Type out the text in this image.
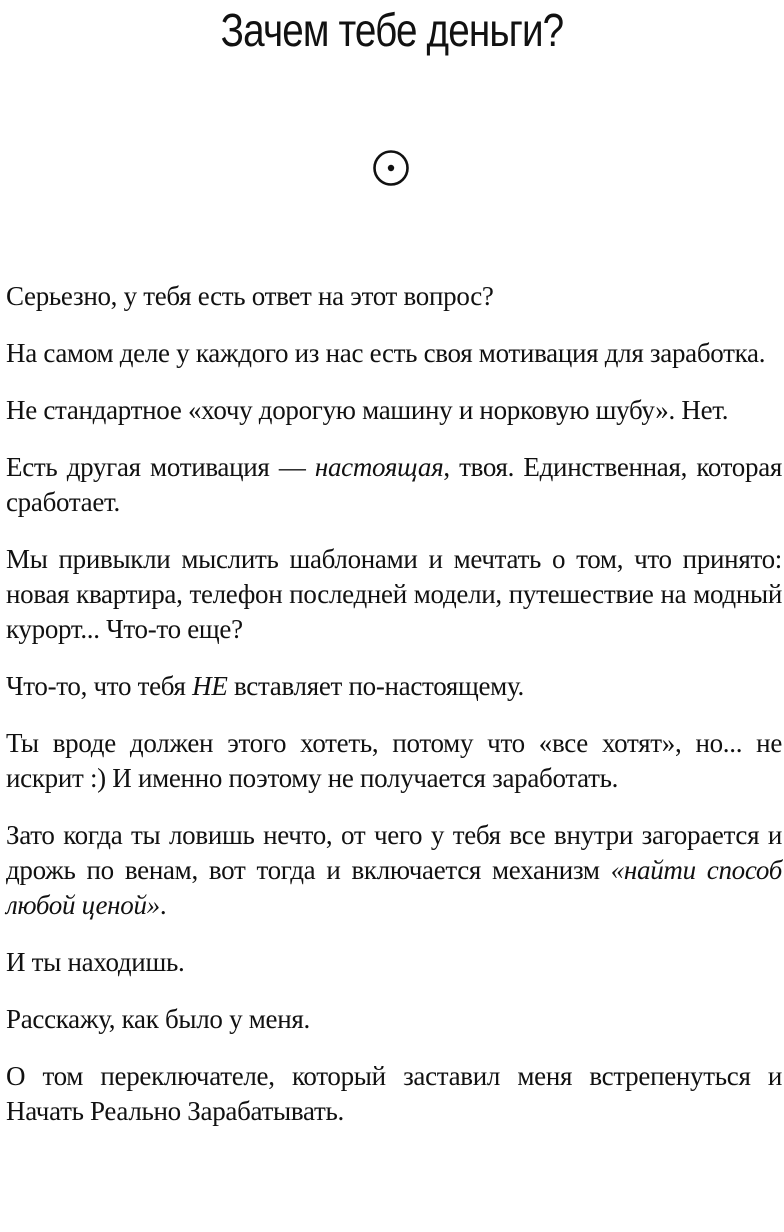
Зачем тебе деньги?

Серьезно, у тебя есть ответ на этот вопрос?

На самом деле у каждого из нас есть своя мотивация для заработка.

Не стандартное «хочу дорогую машину и норковую шубу». Нет.

Есть другая мотивация — настоящая, твоя. Единственная, которая сработает.

Мы привыкли мыслить шаблонами и мечтать о том, что принято: новая квартира, телефон последней модели, путешествие на модный курорт... Что-то еще?

Что-то, что тебя НЕ вставляет по-настоящему.

Ты вроде должен этого хотеть, потому что «все хотят», но... не искрит :) И именно поэтому не получается заработать.

Зато когда ты ловишь нечто, от чего у тебя все внутри загорается и дрожь по венам, вот тогда и включается механизм «найти способ любой ценой».

И ты находишь.

Расскажу, как было у меня.

О том переключателе, который заставил меня встрепенуться и Начать Реально Зарабатывать.
